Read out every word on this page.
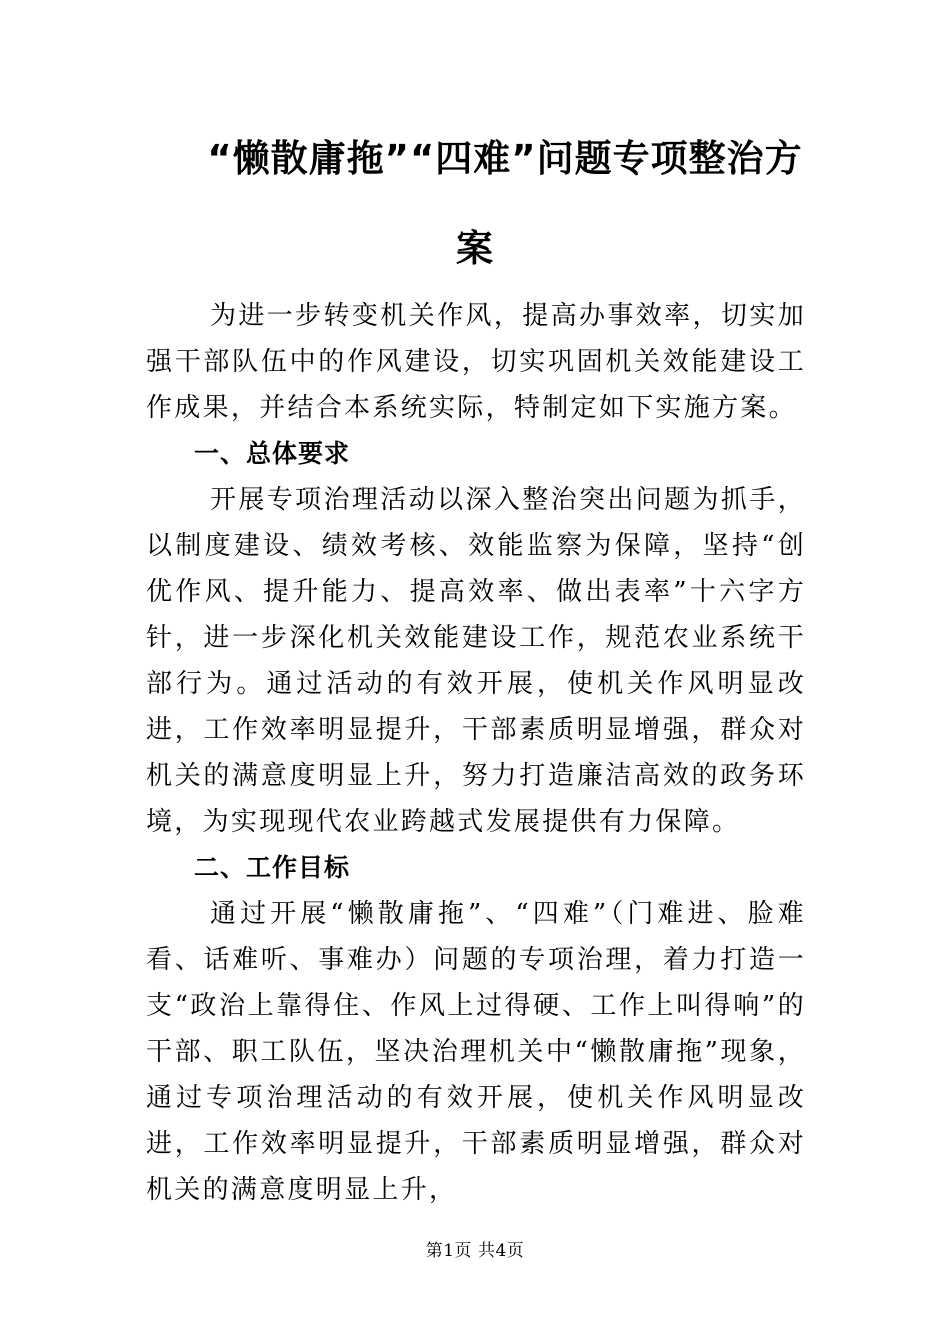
“懒散庸拖”“四难”问题专项整治方
案

为进一步转变机关作风，提高办事效率，切实加强干部队伍中的作风建设，切实巩固机关效能建设工作成果，并结合本系统实际，特制定如下实施方案。

一、总体要求

开展专项治理活动以深入整治突出问题为抓手，以制度建设、绩效考核、效能监察为保障，坚持“创优作风、提升能力、提高效率、做出表率”十六字方针，进一步深化机关效能建设工作，规范农业系统干部行为。通过活动的有效开展，使机关作风明显改进，工作效率明显提升，干部素质明显增强，群众对机关的满意度明显上升，努力打造廉洁高效的政务环境，为实现现代农业跨越式发展提供有力保障。

二、工作目标

通过开展“懒散庸拖”、“四难”（门难进、脸难看、话难听、事难办）问题的专项治理，着力打造一支“政治上靠得住、作风上过得硬、工作上叫得响”的干部、职工队伍，坚决治理机关中“懒散庸拖”现象，通过专项治理活动的有效开展，使机关作风明显改进，工作效率明显提升，干部素质明显增强，群众对机关的满意度明显上升，

第1页 共4页
